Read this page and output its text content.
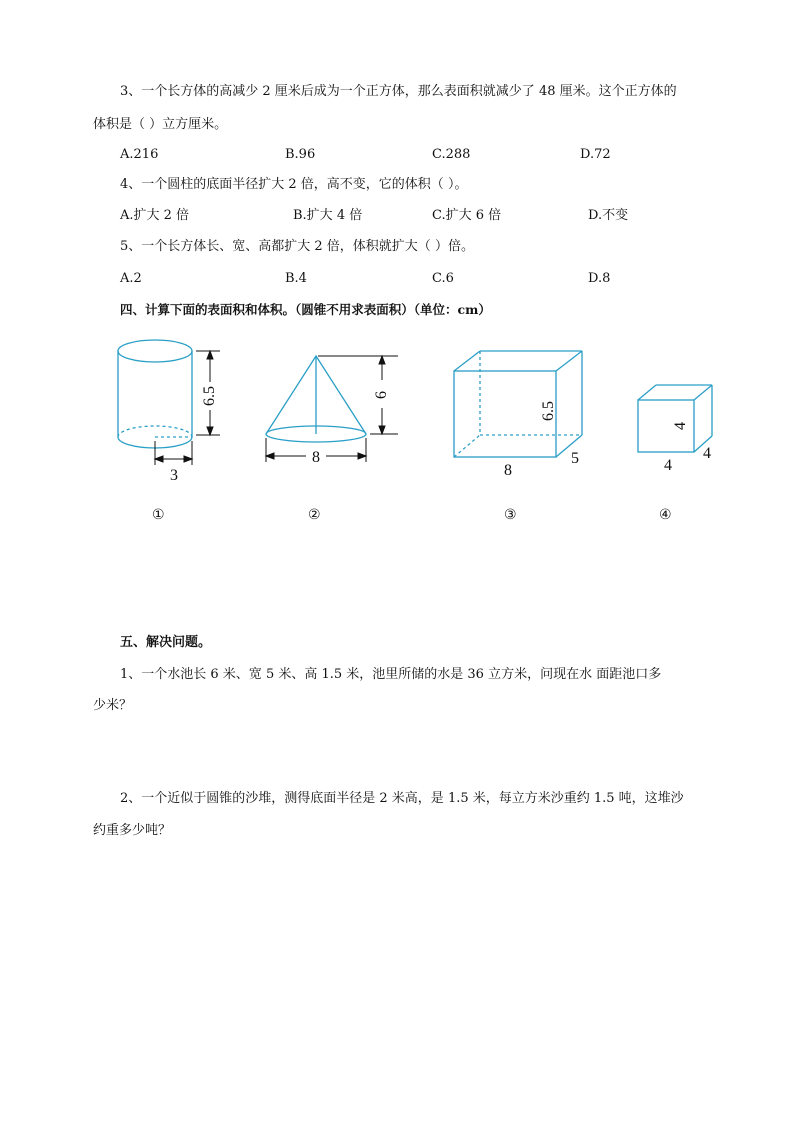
3、一个长方体的高减少 2 厘米后成为一个正方体，那么表面积就减少了 48 厘米。这个正方体的
体积是（ ）立方厘米。
A.216	B.96	C.288	D.72
4、一个圆柱的底面半径扩大 2 倍，高不变，它的体积（ ）。
A.扩大 2 倍	B.扩大 4 倍	C.扩大 6 倍	D.不变
5、一个长方体长、宽、高都扩大 2 倍，体积就扩大（ ）倍。
A.2	B.4	C.6	D.8
四、计算下面的表面积和体积。（圆锥不用求表面积）（单位：cm）
6.5
3
6
8
6.5
8
5
4
4
4
①	②	③	④
五、解决问题。
1、一个水池长 6 米、宽 5 米、高 1.5 米，池里所储的水是 36 立方米，问现在水 面距池口多
少米？
2、一个近似于圆锥的沙堆，测得底面半径是 2 米高，是 1.5 米，每立方米沙重约 1.5 吨，这堆沙
约重多少吨？
